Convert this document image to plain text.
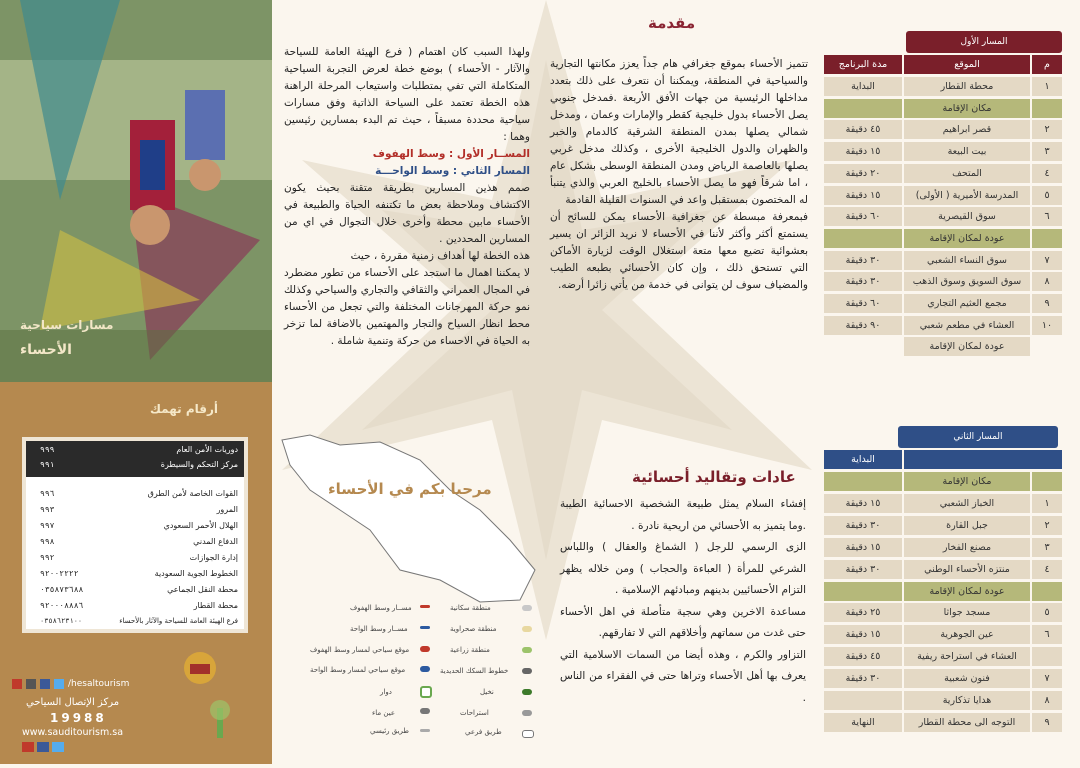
مسارات سياحية
الأحساء
أرقام تهمك
دوريات الأمن العام
٩٩٩
مركز التحكم والسيطرة
٩٩١
القوات الخاصة لأمن الطرق
٩٩٦
المرور
٩٩٣
الهلال الأحمر السعودي
٩٩٧
الدفاع المدني
٩٩٨
إدارة الجوازات
٩٩٢
الخطوط الجوية السعودية
٩٢٠٠٢٢٢٢
محطة النقل الجماعي
٠٣٥٨٧٣٦٨٨
محطة القطار
٩٢٠٠٠٨٨٨٦
فرع الهيئة العامة للسياحة والآثار بالأحساء
٠٣٥٨٦٢٣١٠٠
/hesaltourism
مركز الإتصال السياحي
19988
www.sauditourism.sa
مقدمة

تتميز الأحساء بموقع جغرافي هام جداً يعزز مكانتها التجارية والسياحية في المنطقة، ويمكننا أن نتعرف على ذلك بتعدد مداخلها الرئيسية من جهات الأفق الأربعة .فمدخل جنوبي يصل الأحساء بدول خليجية كقطر والإمارات وعمان ، ومدخل شمالي يصلها بمدن المنطقة الشرقية كالدمام والخبر والظهران والدول الخليجية الأخرى ، وكذلك مدخل غربي يصلها بالعاصمة الرياض ومدن المنطقة الوسطى بشكل عام ، اما شرقاً فهو ما يصل الأحساء بالخليج العربي والذي يتنبأ له المختصون بمستقبل واعد في السنوات القليلة القادمة

فبمعرفة مبسطة عن جغرافية الأحساء يمكن للسائح أن يستمتع أكثر وأكثر لأننا في الأحساء لا نريد الزائر ان يسير بعشوائية تضيع معها متعة استغلال الوقت لزيارة الأماكن التي تستحق ذلك ، وإن كان الأحسائي بطبعه الطيب والمضياف سوف لن يتوانى في خدمة من يأتي زائرا أرضه.

ولهذا السبب كان اهتمام ( فرع الهيئة العامة للسياحة والآثار - الأحساء ) بوضع خطة لعرض التجربة السياحية المتكاملة التي تفي بمتطلبات واستيعاب المرحلة الراهنة هذه الخطة تعتمد على السياحة الذاتية وفق مسارات سياحية محددة مسبقاً ، حيث تم البدء بمسارين رئيسين وهما :

المســار الأول : وسط الهفوف

المسار الثاني : وسط الواحـــة

صمم هذين المسارين بطريقة متقنة بحيث يكون الاكتشاف وملاحظة بعض ما تكتنفه الحياة والطبيعة في الأحساء مابين محطة وأخرى خلال التجوال في اي من المسارين المحددين .

هذه الخطة لها أهداف زمنية مقررة ، حيث

لا يمكننا اهمال ما استجد على الأحساء من تطور مضطرد في المجال العمراني والثقافي والتجاري والسياحي وكذلك نمو حركة المهرجانات المختلفة والتي تجعل من الأحساء محط انظار السياح والتجار والمهتمين بالاضافة لما تزخر به الحياة في الاحساء من حركة وتنمية شاملة .

مرحبا بكم في الأحساء
منطقة سكانية
منطقة صحراوية
منطقة زراعية
خطوط السكك الحديدية
نخيل
استراحات
طريق فرعي
مســار وسط الهفوف
مســار وسط الواحة
موقع سياحي لمسار وسط الهفوف
موقع سياحي لمسار وسط الواحة
دوار
عين ماء
طريق رئيسي
عادات وتقاليد أحسائية

إفشاء السلام يمثل طبيعة الشخصية الاحسائية الطيبة .وما يتميز به الأحسائي من اريحية نادرة .

الزى الرسمي للرجل ( الشماغ والعقال ) واللباس الشرعي للمرأة ( العباءة والحجاب ) ومن خلاله يظهر التزام الأحسائيين بدينهم ومبادئهم الإسلامية .

مساعدة الاخرين وهي سجية متأصلة في اهل الأحساء حتى غدت من سماتهم وأخلاقهم التي لا تفارقهم.

التزاور والكرم ، وهذه أيضا من السمات الاسلامية التي يعرف بها أهل الأحساء وتراها حتى في الفقراء من الناس .

المسار الأول
م
الموقع
مدة البرنامج
١
محطة القطار
البداية
مكان الإقامة
٢
قصر ابراهيم
٤٥ دقيقة
٣
بيت البيعة
١٥ دقيقة
٤
المتحف
٢٠ دقيقة
٥
المدرسة الأميرية ( الأولى)
١٥ دقيقة
٦
سوق القيصرية
٦٠ دقيقة
عودة لمكان الإقامة
٧
سوق النساء الشعبي
٣٠ دقيقة
٨
سوق السويق وسوق الذهب
٣٠ دقيقة
٩
مجمع العثيم التجاري
٦٠ دقيقة
١٠
العشاء في مطعم شعبي
٩٠ دقيقة
عودة لمكان الإقامة
المسار الثاني
البداية
مكان الإقامة
١
الخباز الشعبي
١٥ دقيقة
٢
جبل القارة
٣٠ دقيقة
٣
مصنع الفخار
١٥ دقيقة
٤
منتزه الأحساء الوطني
٣٠ دقيقة
عودة لمكان الإقامة
٥
مسجد جواثا
٢٥ دقيقة
٦
عين الجوهرية
١٥ دقيقة
العشاء في استراحة ريفية
٤٥ دقيقة
٧
فنون شعبية
٣٠ دقيقة
٨
هدايا تذكارية
٩
التوجه الى محطة القطار
النهاية
